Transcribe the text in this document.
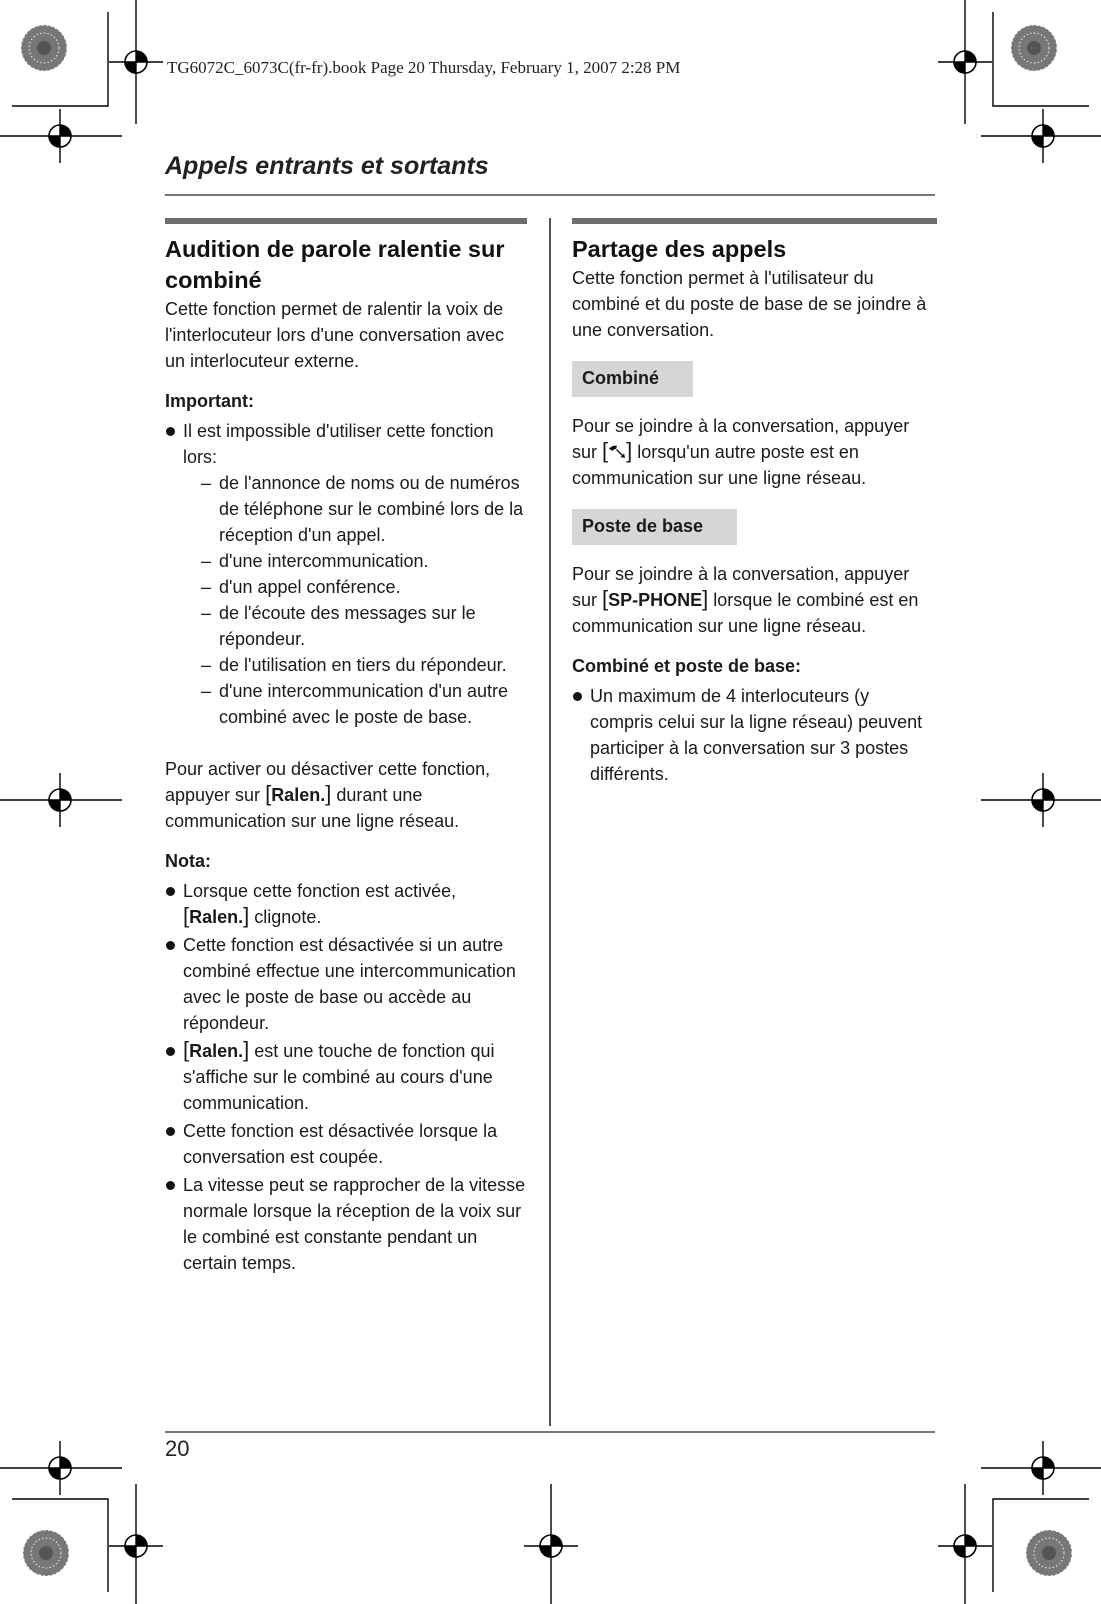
TG6072C_6073C(fr-fr).book Page 20 Thursday, February 1, 2007 2:28 PM
Appels entrants et sortants
Audition de parole ralentie sur combiné

Cette fonction permet de ralentir la voix de l'interlocuteur lors d'une conversation avec un interlocuteur externe.

Important:

Il est impossible d'utiliser cette fonction lors:
– de l'annonce de noms ou de numéros de téléphone sur le combiné lors de la réception d'un appel.
– d'une intercommunication.
– d'un appel conférence.
– de l'écoute des messages sur le répondeur.
– de l'utilisation en tiers du répondeur.
– d'une intercommunication d'un autre combiné avec le poste de base.

Pour activer ou désactiver cette fonction, appuyer sur [Ralen.] durant une communication sur une ligne réseau.

Nota:

Lorsque cette fonction est activée, [Ralen.] clignote.
Cette fonction est désactivée si un autre combiné effectue une intercommunication avec le poste de base ou accède au répondeur.
[Ralen.] est une touche de fonction qui s'affiche sur le combiné au cours d'une communication.
Cette fonction est désactivée lorsque la conversation est coupée.
La vitesse peut se rapprocher de la vitesse normale lorsque la réception de la voix sur le combiné est constante pendant un certain temps.
Partage des appels

Cette fonction permet à l'utilisateur du combiné et du poste de base de se joindre à une conversation.

Combiné

Pour se joindre à la conversation, appuyer sur [ ] lorsqu'un autre poste est en communication sur une ligne réseau.

Poste de base

Pour se joindre à la conversation, appuyer sur [SP-PHONE] lorsque le combiné est en communication sur une ligne réseau.

Combiné et poste de base:

Un maximum de 4 interlocuteurs (y compris celui sur la ligne réseau) peuvent participer à la conversation sur 3 postes différents.
20
